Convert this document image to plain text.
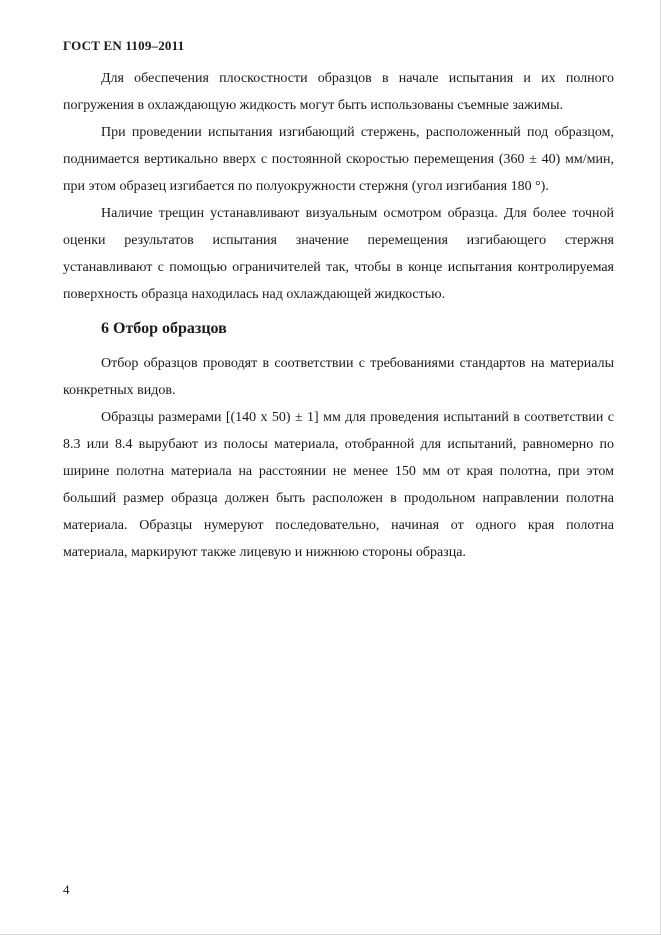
ГОСТ EN 1109–2011

Для обеспечения плоскостности образцов в начале испытания и их полного погружения в охлаждающую жидкость могут быть использованы съемные зажимы.

При проведении испытания изгибающий стержень, расположенный под образцом, поднимается вертикально вверх с постоянной скоростью перемещения (360 ± 40) мм/мин, при этом образец изгибается по полуокружности стержня (угол изгибания 180 °).

Наличие трещин устанавливают визуальным осмотром образца. Для более точной оценки результатов испытания значение перемещения изгибающего стержня устанавливают с помощью ограничителей так, чтобы в конце испытания контролируемая поверхность образца находилась над охлаждающей жидкостью.

6 Отбор образцов

Отбор образцов проводят в соответствии с требованиями стандартов на материалы конкретных видов.

Образцы размерами [(140 x 50) ± 1] мм для проведения испытаний в соответствии с 8.3 или 8.4 вырубают из полосы материала, отобранной для испытаний, равномерно по ширине полотна материала на расстоянии не менее 150 мм от края полотна, при этом больший размер образца должен быть расположен в продольном направлении полотна материала. Образцы нумеруют последовательно, начиная от одного края полотна материала, маркируют также лицевую и нижнюю стороны образца.

4
